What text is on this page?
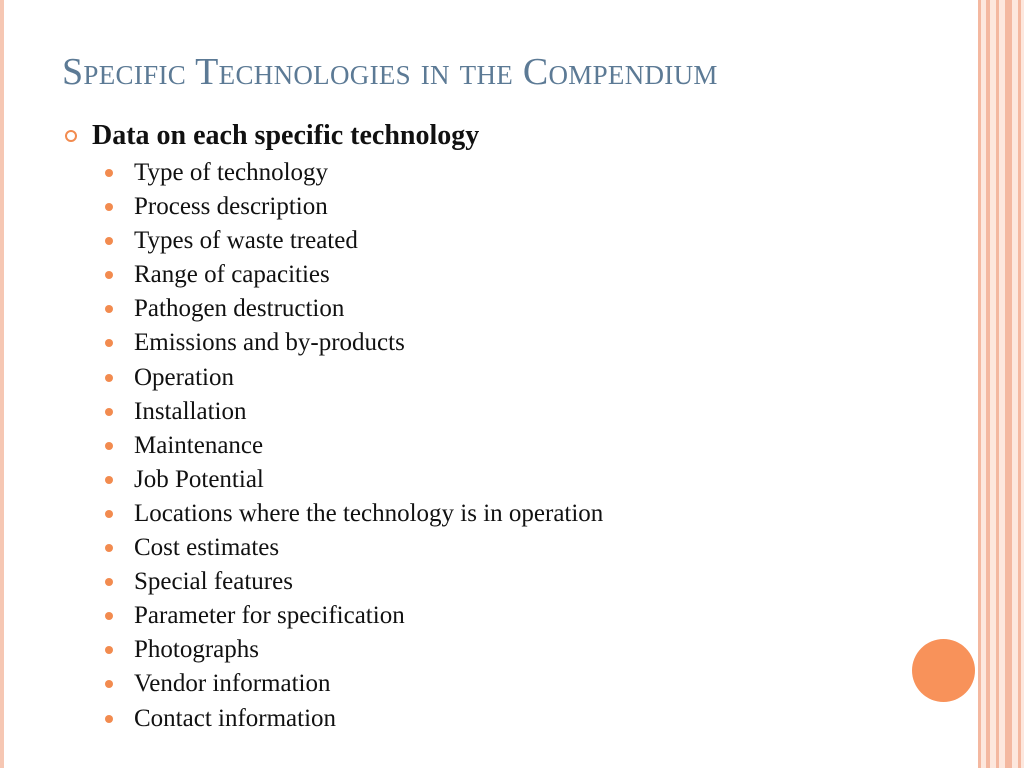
Specific Technologies in the Compendium
Data on each specific technology
Type of technology
Process description
Types of waste treated
Range of capacities
Pathogen destruction
Emissions and by-products
Operation
Installation
Maintenance
Job Potential
Locations where the technology is in operation
Cost estimates
Special features
Parameter for specification
Photographs
Vendor information
Contact information
